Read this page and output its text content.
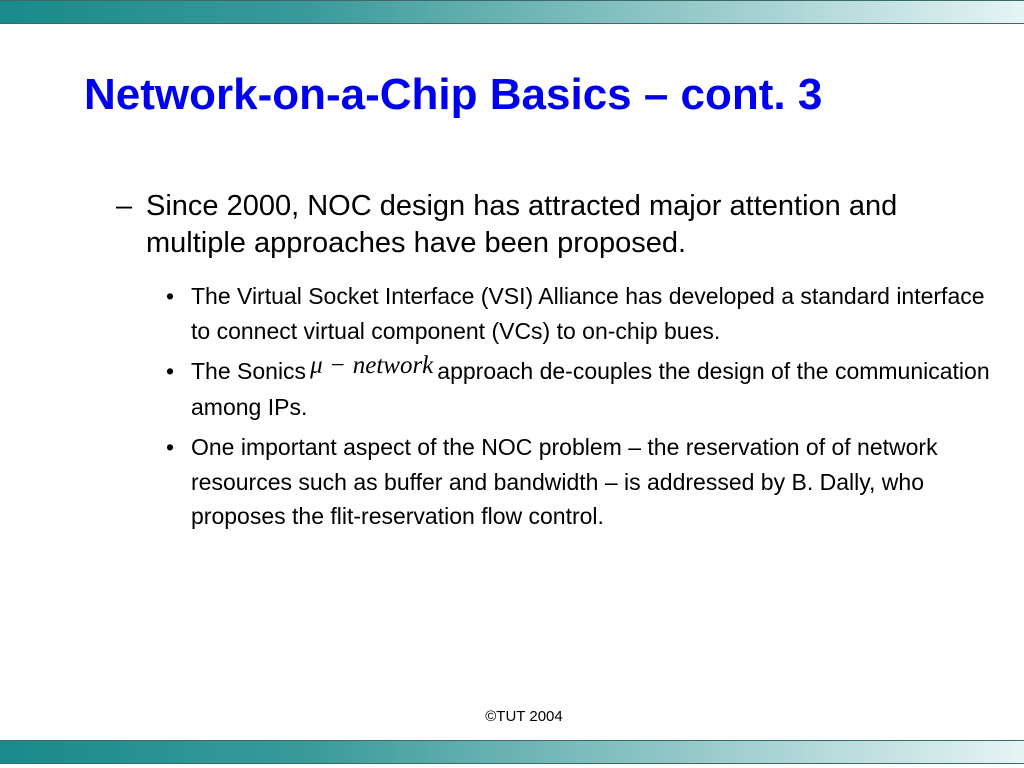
Network-on-a-Chip Basics – cont. 3
– Since 2000, NOC design has attracted major attention and multiple approaches have been proposed.
• The Virtual Socket Interface (VSI) Alliance has developed a standard interface to connect virtual component (VCs) to on-chip bues.
• The Sonics μ − network approach de-couples the design of the communication among IPs.
• One important aspect of the NOC problem – the reservation of of network resources such as buffer and bandwidth – is addressed by B. Dally, who proposes the flit-reservation flow control.
©TUT 2004
